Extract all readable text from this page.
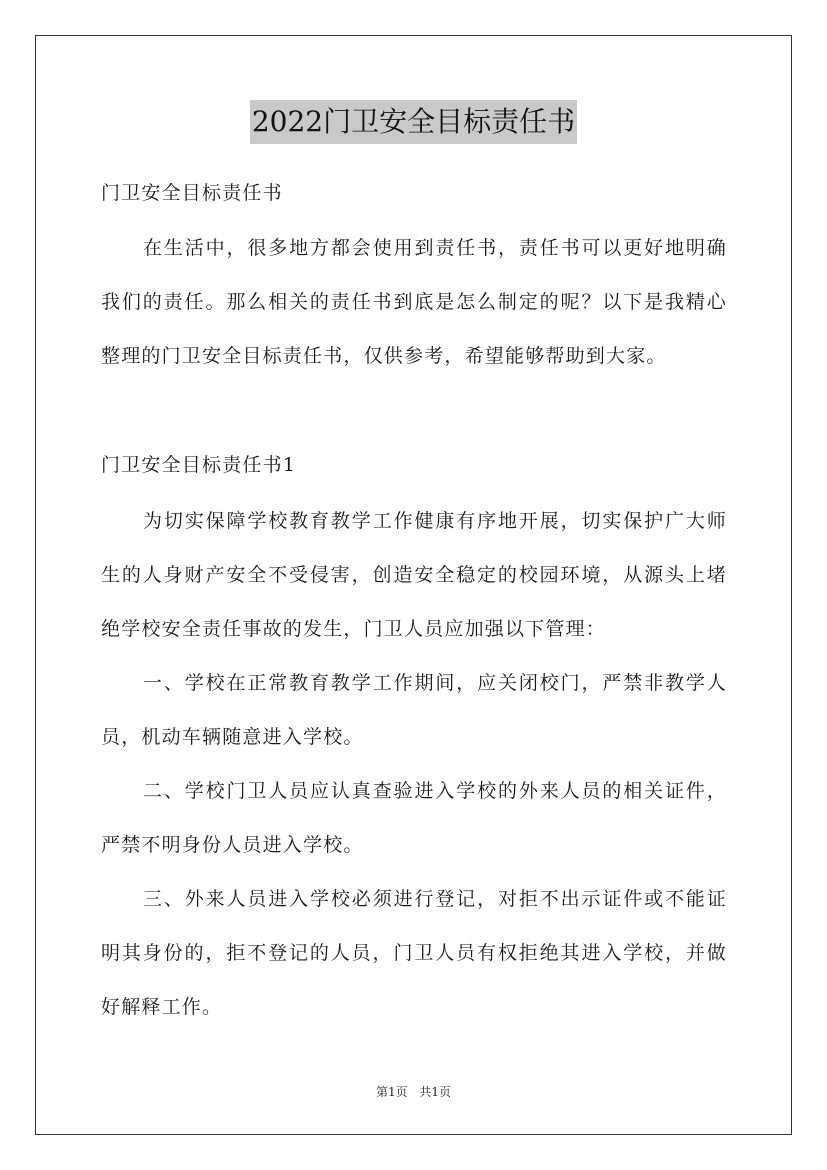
2022门卫安全目标责任书
门卫安全目标责任书
在生活中，很多地方都会使用到责任书，责任书可以更好地明确
我们的责任。那么相关的责任书到底是怎么制定的呢？以下是我精心
整理的门卫安全目标责任书，仅供参考，希望能够帮助到大家。
门卫安全目标责任书1
为切实保障学校教育教学工作健康有序地开展，切实保护广大师
生的人身财产安全不受侵害，创造安全稳定的校园环境，从源头上堵
绝学校安全责任事故的发生，门卫人员应加强以下管理：
一、学校在正常教育教学工作期间，应关闭校门，严禁非教学人
员，机动车辆随意进入学校。
二、学校门卫人员应认真查验进入学校的外来人员的相关证件，
严禁不明身份人员进入学校。
三、外来人员进入学校必须进行登记，对拒不出示证件或不能证
明其身份的，拒不登记的人员，门卫人员有权拒绝其进入学校，并做
好解释工作。
第1页 共1页
